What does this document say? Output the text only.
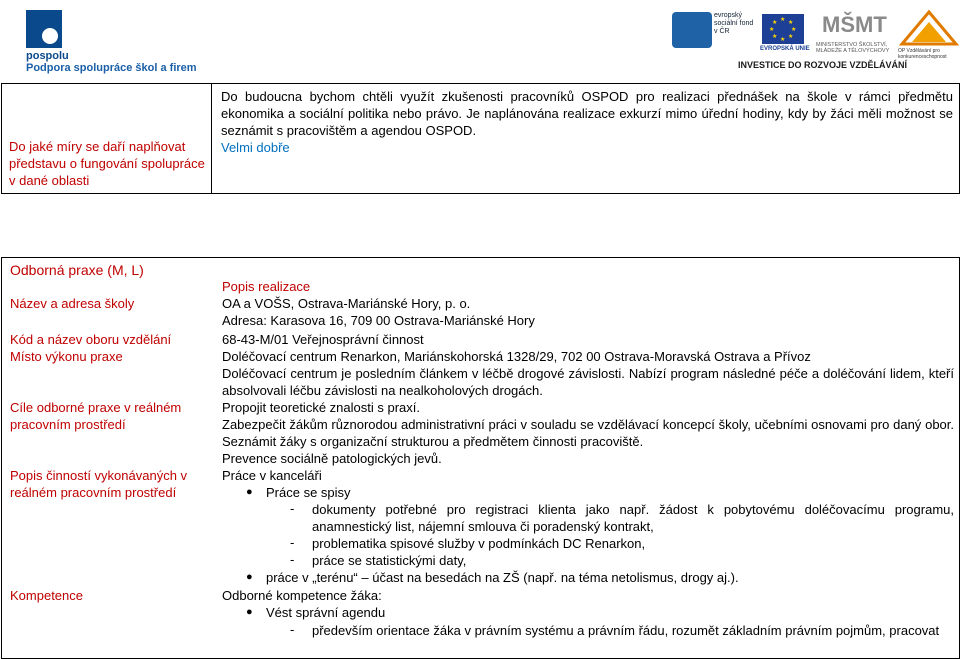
pospolu
Podpora spolupráce škol a firem
evropský sociální fond v ČR
★ ★
★
★
★
★
★
★
EVROPSKÁ UNIE
MŠMT
MINISTERSTVO ŠKOLSTVÍ, MLÁDEŽE A TĚLOVÝCHOVY	OP Vzdělávání pro konkurenceschopnost
INVESTICE DO ROZVOJE VZDĚLÁVÁNÍ
Do jaké míry se daří naplňovat představu o fungování spolupráce v dané oblasti
Do budoucna bychom chtěli využít zkušenosti pracovníků OSPOD pro realizaci přednášek na škole v rámci předmětu ekonomika a sociální politika nebo právo. Je naplánována realizace exkurzí mimo úřední hodiny, kdy by žáci měli možnost se seznámit s pracovištěm a agendou OSPOD.
Velmi dobře
Odborná praxe (M, L)
Název a adresa školy
Kód a název oboru vzdělání
Místo výkonu praxe
Cíle odborné praxe v reálném pracovním prostředí
Popis činností vykonávaných v reálném pracovním prostředí
Kompetence
Popis realizace
OA a VOŠS, Ostrava-Mariánské Hory, p. o.
Adresa: Karasova 16, 709 00 Ostrava-Mariánské Hory
68-43-M/01 Veřejnosprávní činnost
Doléčovací centrum Renarkon, Mariánskohorská 1328/29, 702 00 Ostrava-Moravská Ostrava a Přívoz
Doléčovací centrum je posledním článkem v léčbě drogové závislosti. Nabízí program následné péče a doléčování lidem, kteří absolvovali léčbu závislosti na nealkoholových drogách.
Propojit teoretické znalosti s praxí.
Zabezpečit žákům různorodou administrativní práci v souladu se vzdělávací koncepcí školy, učebními osnovami pro daný obor. Seznámit žáky s organizační strukturou a předmětem činnosti pracoviště.
Prevence sociálně patologických jevů.
Práce v kanceláři
● Práce se spisy
- dokumenty potřebné pro registraci klienta jako např. žádost k pobytovému doléčovacímu programu, anamnestický list, nájemní smlouva či poradenský kontrakt,
- problematika spisové služby v podmínkách DC Renarkon,
- práce se statistickými daty,
● práce v „terénu“ – účast na besedách na ZŠ (např. na téma netolismus, drogy aj.).
Odborné kompetence žáka:
● Vést správní agendu
- především orientace žáka v právním systému a právním řádu, rozumět základním právním pojmům, pracovat
